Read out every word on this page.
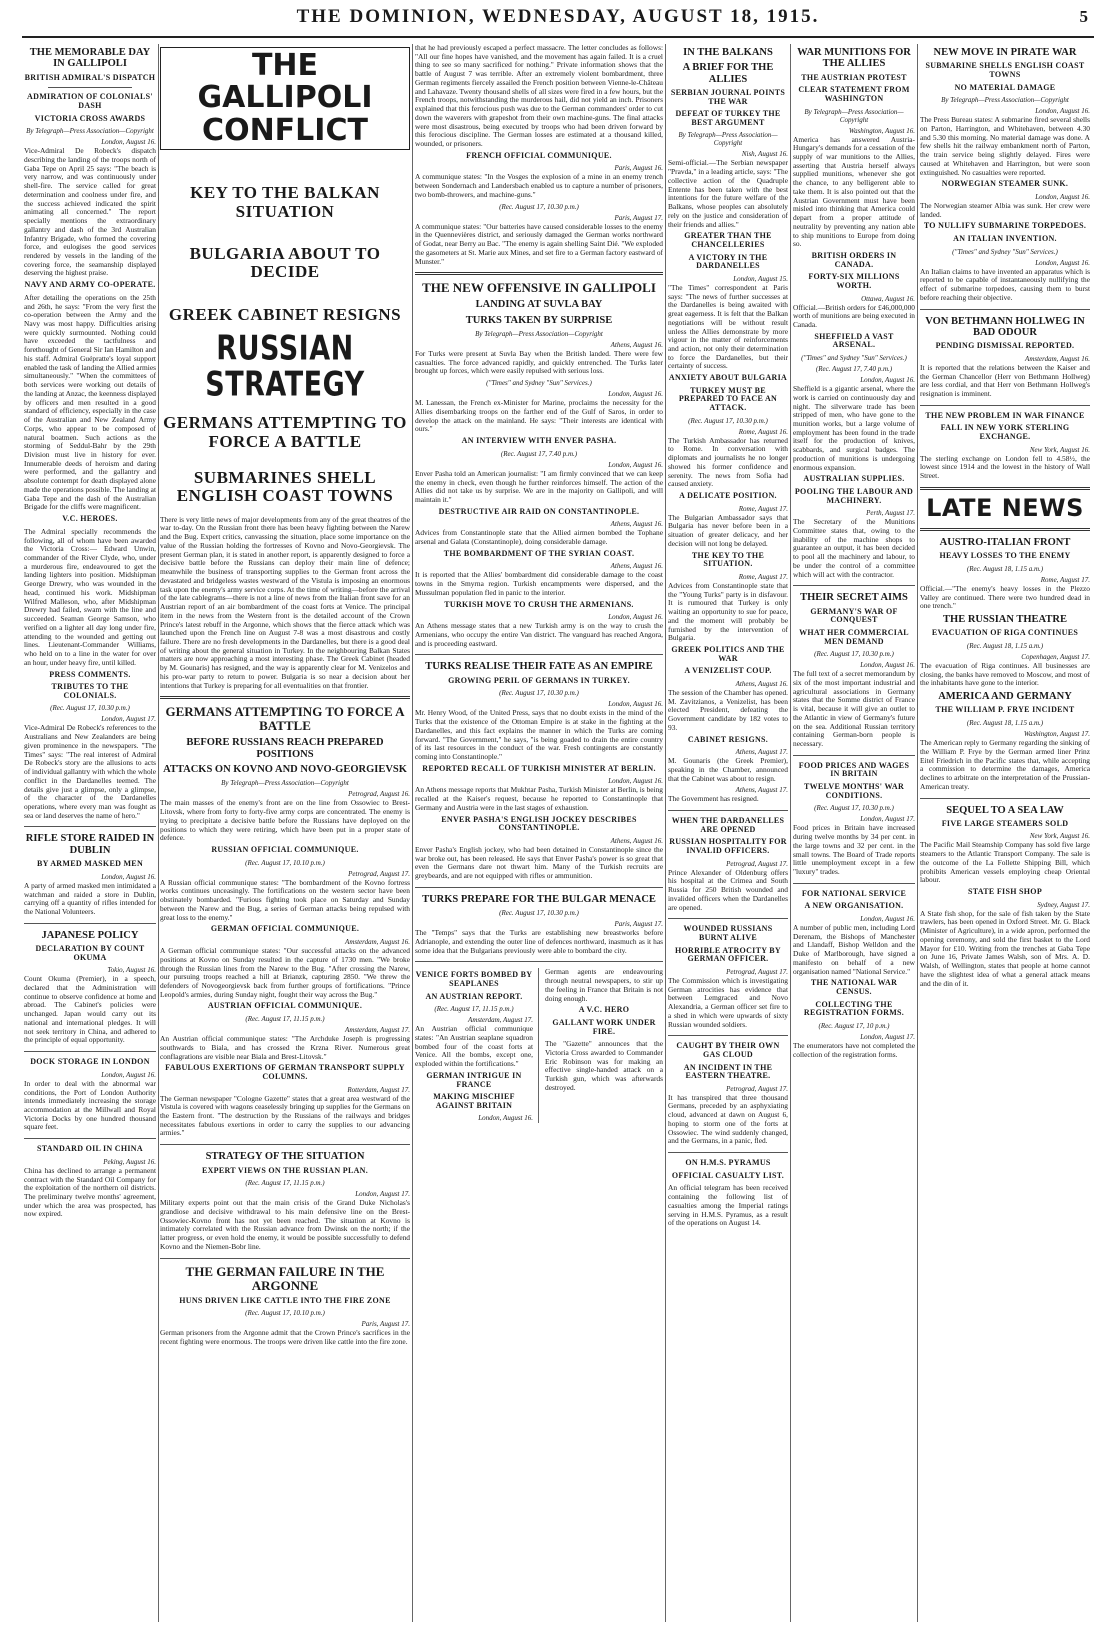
THE DOMINION, WEDNESDAY, AUGUST 18, 1915.	5
THE MEMORABLE DAY IN GALLIPOLI
BRITISH ADMIRAL'S DISPATCH
ADMIRATION OF COLONIALS' DASH
VICTORIA CROSS AWARDS
By Telegraph—Press Association—Copyright
London, August 16.

Vice-Admiral De Robeck's dispatch describing the landing of the troops north of Gaba Tepe on April 25 says: "The beach is very narrow, and was continuously under shell-fire. The service called for great determination and coolness under fire, and the success achieved indicated the spirit animating all concerned." The report specially mentions the extraordinary gallantry and dash of the 3rd Australian Infantry Brigade, who formed the covering force, and eulogises the good services rendered by vessels in the landing of the covering force, the seamanship displayed deserving the highest praise.

NAVY AND ARMY CO-OPERATE.

After detailing the operations on the 25th and 26th, he says: "From the very first the co-operation between the Army and the Navy was most happy. Difficulties arising were quickly surmounted. Nothing could have exceeded the tactfulness and forethought of General Sir Ian Hamilton and his staff. Admiral Guépratte's loyal support enabled the task of landing the Allied armies simultaneously." "When the committees of both services were working out details of the landing at Anzac, the keenness displayed by officers and men resulted in a good standard of efficiency, especially in the case of the Australian and New Zealand Army Corps, who appear to be composed of natural boatmen. Such actions as the storming of Seddul-Bahr by the 29th Division must live in history for ever. Innumerable deeds of heroism and daring were performed, and the gallantry and absolute contempt for death displayed alone made the operations possible. The landing at Gaba Tepe and the dash of the Australian Brigade for the cliffs were magnificent.

V.C. HEROES.

The Admiral specially recommends the following, all of whom have been awarded the Victoria Cross:— Edward Unwin, commander of the River Clyde, who, under a murderous fire, endeavoured to get the landing lighters into position. Midshipman George Drewry, who was wounded in the head, continued his work. Midshipman Wilfred Malleson, who, after Midshipman Drewry had failed, swam with the line and succeeded. Seaman George Samson, who verified on a lighter all day long under fire, attending to the wounded and getting out lines. Lieutenant-Commander Williams, who held on to a line in the water for over an hour, under heavy fire, until killed.

PRESS COMMENTS.
TRIBUTES TO THE COLONIALS.
(Rec. August 17, 10.30 p.m.)
London, August 17.

Vice-Admiral De Robeck's references to the Australians and New Zealanders are being given prominence in the newspapers. "The Times" says: "The real interest of Admiral De Robeck's story are the allusions to acts of individual gallantry with which the whole conflict in the Dardanelles teemed. The details give just a glimpse, only a glimpse, of the character of the Dardanelles operations, where every man was fought as sea or land deserves the name of hero."

RIFLE STORE RAIDED IN DUBLIN
BY ARMED MASKED MEN
London, August 16.

A party of armed masked men intimidated a watchman and raided a store in Dublin, carrying off a quantity of rifles intended for the National Volunteers.

JAPANESE POLICY
DECLARATION BY COUNT OKUMA
Tokio, August 16.

Count Okuma (Premier), in a speech, declared that the Administration will continue to observe confidence at home and abroad. The Cabinet's policies were unchanged. Japan would carry out its national and international pledges. It will not seek territory in China, and adhered to the principle of equal opportunity.

DOCK STORAGE IN LONDON
London, August 16.

In order to deal with the abnormal war conditions, the Port of London Authority intends immediately increasing the storage accommodation at the Millwall and Royal Victoria Docks by one hundred thousand square feet.

STANDARD OIL IN CHINA
Peking, August 16.

China has declined to arrange a permanent contract with the Standard Oil Company for the exploitation of the northern oil districts. The preliminary twelve months' agreement, under which the area was prospected, has now expired.

THE GALLIPOLI CONFLICT
KEY TO THE BALKAN SITUATION
BULGARIA ABOUT TO DECIDE
GREEK CABINET RESIGNS
RUSSIAN STRATEGY
GERMANS ATTEMPTING TO FORCE A BATTLE
SUBMARINES SHELL ENGLISH COAST TOWNS

There is very little news of major developments from any of the great theatres of the war to-day. On the Russian front there has been heavy fighting between the Narew and the Bug. Expert critics, canvassing the situation, place some importance on the value of the Russian holding the fortresses of Kovno and Novo-Georgievsk. The present German plan, it is stated in another report, is apparently designed to force a decisive battle before the Russians can deploy their main line of defence; meanwhile the business of transporting supplies to the German front across the devastated and bridgeless wastes westward of the Vistula is imposing an enormous task upon the enemy's army service corps. At the time of writing—before the arrival of the late cablegrams—there is not a line of news from the Italian front save for an Austrian report of an air bombardment of the coast forts at Venice. The principal item in the news from the Western front is the detailed account of the Crown Prince's latest rebuff in the Argonne, which shows that the fierce attack which was launched upon the French line on August 7-8 was a most disastrous and costly failure. There are no fresh developments in the Dardanelles, but there is a good deal of writing about the general situation in Turkey. In the neighbouring Balkan States matters are now approaching a most interesting phase. The Greek Cabinet (headed by M. Gounaris) has resigned, and the way is apparently clear for M. Venizelos and his pro-war party to return to power. Bulgaria is so near a decision about her intentions that Turkey is preparing for all eventualities on that frontier.

GERMANS ATTEMPTING TO FORCE A BATTLE
BEFORE RUSSIANS REACH PREPARED POSITIONS
ATTACKS ON KOVNO AND NOVO-GEORGIEVSK
By Telegraph—Press Association—Copyright
Petrograd, August 16.

The main masses of the enemy's front are on the line from Ossowiec to Brest-Litovsk, where from forty to forty-five army corps are concentrated. The enemy is trying to precipitate a decisive battle before the Russians have deployed on the positions to which they were retiring, which have been put in a proper state of defence.

RUSSIAN OFFICIAL COMMUNIQUE.
(Rec. August 17, 10.10 p.m.)
Petrograd, August 17.

A Russian official communique states: "The bombardment of the Kovno fortress works continues unceasingly. The fortifications on the western sector have been obstinately bombarded. "Furious fighting took place on Saturday and Sunday between the Narew and the Bug, a series of German attacks being repulsed with great loss to the enemy."

GERMAN OFFICIAL COMMUNIQUE.
Amsterdam, August 16.

A German official communique states: "Our successful attacks on the advanced positions at Kovno on Sunday resulted in the capture of 1730 men. "We broke through the Russian lines from the Narew to the Bug. "After crossing the Narew, our pursuing troops reached a hill at Brianzk, capturing 2850. "We threw the defenders of Novogeorgievsk back from further groups of fortifications. "Prince Leopold's armies, during Sunday night, fought their way across the Bug."

AUSTRIAN OFFICIAL COMMUNIQUE.
(Rec. August 17, 11.15 p.m.)
Amsterdam, August 17.

An Austrian official communique states: "The Archduke Joseph is progressing southwards to Biala, and has crossed the Krzna River. Numerous great conflagrations are visible near Biala and Brest-Litovsk."

FABULOUS EXERTIONS OF GERMAN TRANSPORT SUPPLY COLUMNS.
Rotterdam, August 17.

The German newspaper "Cologne Gazette" states that a great area westward of the Vistula is covered with wagons ceaselessly bringing up supplies for the Germans on the Eastern front. "The destruction by the Russians of the railways and bridges necessitates fabulous exertions in order to carry the supplies to our advancing armies."

STRATEGY OF THE SITUATION
EXPERT VIEWS ON THE RUSSIAN PLAN.
(Rec. August 17, 11.15 p.m.)
London, August 17.

Military experts point out that the main crisis of the Grand Duke Nicholas's grandiose and decisive withdrawal to his main defensive line on the Brest-Ossowiec-Kovno front has not yet been reached. The situation at Kovno is intimately correlated with the Russian advance from Dwinsk on the north; if the latter progress, or even hold the enemy, it would be possible successfully to defend Kovno and the Niemen-Bobr line.

THE GERMAN FAILURE IN THE ARGONNE
HUNS DRIVEN LIKE CATTLE INTO THE FIRE ZONE
(Rec. August 17, 10.10 p.m.)
Paris, August 17.

German prisoners from the Argonne admit that the Crown Prince's sacrifices in the recent fighting were enormous. The troops were driven like cattle into the fire zone.

that he had previously escaped a perfect massacre. The letter concludes as follows: "All our fine hopes have vanished, and the movement has again failed. It is a cruel thing to see so many sacrificed for nothing." Private information shows that the battle of August 7 was terrible. After an extremely violent bombardment, three German regiments fiercely assailed the French position between Vienne-le-Château and Lahavaze. Twenty thousand shells of all sizes were fired in a few hours, but the French troops, notwithstanding the murderous hail, did not yield an inch. Prisoners explained that this ferocious push was due to the German commanders' order to cut down the waverers with grapeshot from their own machine-guns. The final attacks were most disastrous, being executed by troops who had been driven forward by this ferocious discipline. The German losses are estimated at a thousand killed, wounded, or prisoners.

FRENCH OFFICIAL COMMUNIQUE.
Paris, August 16.

A communique states: "In the Vosges the explosion of a mine in an enemy trench between Sondernach and Landersbach enabled us to capture a number of prisoners, two bomb-throwers, and machine-guns."

(Rec. August 17, 10.30 p.m.)
Paris, August 17.

A communique states: "Our batteries have caused considerable losses to the enemy in the Quennevières district, and seriously damaged the German works northward of Godat, near Berry au Bac. "The enemy is again shelling Saint Dié. "We exploded the gasometers at St. Marie aux Mines, and set fire to a German factory eastward of Munster."

THE NEW OFFENSIVE IN GALLIPOLI
LANDING AT SUVLA BAY
TURKS TAKEN BY SURPRISE
By Telegraph—Press Association—Copyright
Athens, August 16.

For Turks were present at Suvla Bay when the British landed. There were few casualties. The force advanced rapidly, and quickly entrenched. The Turks later brought up forces, which were easily repulsed with serious loss.

("Times" and Sydney "Sun" Services.)
London, August 16.

M. Lanessan, the French ex-Minister for Marine, proclaims the necessity for the Allies disembarking troops on the farther end of the Gulf of Saros, in order to develop the attack on the mainland. He says: "Their interests are identical with ours."

AN INTERVIEW WITH ENVER PASHA.
(Rec. August 17, 7.40 p.m.)
London, August 16.

Enver Pasha told an American journalist: "I am firmly convinced that we can keep the enemy in check, even though he further reinforces himself. The action of the Allies did not take us by surprise. We are in the majority on Gallipoli, and will maintain it."

DESTRUCTIVE AIR RAID ON CONSTANTINOPLE.
Athens, August 16.

Advices from Constantinople state that the Allied airmen bombed the Tophane arsenal and Galata (Constantinople), doing considerable damage.

THE BOMBARDMENT OF THE SYRIAN COAST.
Athens, August 16.

It is reported that the Allies' bombardment did considerable damage to the coast towns in the Smyrna region. Turkish encampments were dispersed, and the Mussulman population fled in panic to the interior.

TURKISH MOVE TO CRUSH THE ARMENIANS.
London, August 16.

An Athens message states that a new Turkish army is on the way to crush the Armenians, who occupy the entire Van district. The vanguard has reached Angora, and is proceeding eastward.

TURKS REALISE THEIR FATE AS AN EMPIRE
GROWING PERIL OF GERMANS IN TURKEY.
(Rec. August 17, 10.30 p.m.)
London, August 16.

Mr. Henry Wood, of the United Press, says that no doubt exists in the mind of the Turks that the existence of the Ottoman Empire is at stake in the fighting at the Dardanelles, and this fact explains the manner in which the Turks are coming forward. "The Government," he says, "is being goaded to drain the entire country of its last resources in the conduct of the war. Fresh contingents are constantly coming into Constantinople."

REPORTED RECALL OF TURKISH MINISTER AT BERLIN.
London, August 16.

An Athens message reports that Mukhtar Pasha, Turkish Minister at Berlin, is being recalled at the Kaiser's request, because he reported to Constantinople that Germany and Austria were in the last stages of exhaustion.

ENVER PASHA'S ENGLISH JOCKEY DESCRIBES CONSTANTINOPLE.
Athens, August 16.

Enver Pasha's English jockey, who had been detained in Constantinople since the war broke out, has been released. He says that Enver Pasha's power is so great that even the Germans dare not thwart him. Many of the Turkish recruits are greybeards, and are not equipped with rifles or ammunition.

TURKS PREPARE FOR THE BULGAR MENACE
(Rec. August 17, 10.30 p.m.)
Paris, August 17.

The "Temps" says that the Turks are establishing new breastworks before Adrianople, and extending the outer line of defences northward, inasmuch as it has some idea that the Bulgarians previously were able to bombard the city.

VENICE FORTS BOMBED BY SEAPLANES
AN AUSTRIAN REPORT.
(Rec. August 17, 11.15 p.m.)
Amsterdam, August 17.

An Austrian official communique states: "An Austrian seaplane squadron bombed four of the coast forts at Venice. All the bombs, except one, exploded within the fortifications."

GERMAN INTRIGUE IN FRANCE
MAKING MISCHIEF AGAINST BRITAIN
London, August 16.

German agents are endeavouring through neutral newspapers, to stir up the feeling in France that Britain is not doing enough.

A V.C. HERO
GALLANT WORK UNDER FIRE.

The "Gazette" announces that the Victoria Cross awarded to Commander Eric Robinson was for making an effective single-handed attack on a Turkish gun, which was afterwards destroyed.

IN THE BALKANS
A BRIEF FOR THE ALLIES
SERBIAN JOURNAL POINTS THE WAR
DEFEAT OF TURKEY THE BEST ARGUMENT
By Telegraph—Press Association—Copyright
Nish, August 16.

Semi-official.—The Serbian newspaper "Pravda," in a leading article, says: "The collective action of the Quadruple Entente has been taken with the best intentions for the future welfare of the Balkans, whose peoples can absolutely rely on the justice and consideration of their friends and allies."

GREATER THAN THE CHANCELLERIES
A VICTORY IN THE DARDANELLES
London, August 15.

"The Times" correspondent at Paris says: "The news of further successes at the Dardanelles is being awaited with great eagerness. It is felt that the Balkan negotiations will be without result unless the Allies demonstrate by more vigour in the matter of reinforcements and action, not only their determination to force the Dardanelles, but their certainty of success.

ANXIETY ABOUT BULGARIA
TURKEY MUST BE PREPARED TO FACE AN ATTACK.
(Rec. August 17, 10.30 p.m.)
Rome, August 16.

The Turkish Ambassador has returned to Rome. In conversation with diplomats and journalists he no longer showed his former confidence and serenity. The news from Sofia had caused anxiety.

A DELICATE POSITION.
Rome, August 17.

The Bulgarian Ambassador says that Bulgaria has never before been in a situation of greater delicacy, and her decision will not long be delayed.

THE KEY TO THE SITUATION.
Rome, August 17.

Advices from Constantinople state that the "Young Turks" party is in disfavour. It is rumoured that Turkey is only waiting an opportunity to sue for peace, and the moment will probably be furnished by the intervention of Bulgaria.

GREEK POLITICS AND THE WAR
A VENIZELIST COUP.
Athens, August 16.

The session of the Chamber has opened. M. Zavitzianos, a Venizelist, has been elected President, defeating the Government candidate by 182 votes to 93.

CABINET RESIGNS.
Athens, August 17.

M. Gounaris (the Greek Premier), speaking in the Chamber, announced that the Cabinet was about to resign.

Athens, August 17.

The Government has resigned.

WHEN THE DARDANELLES ARE OPENED
RUSSIAN HOSPITALITY FOR INVALID OFFICERS.
Petrograd, August 17.

Prince Alexander of Oldenburg offers his hospital at the Crimea and South Russia for 250 British wounded and invalided officers when the Dardanelles are opened.

WOUNDED RUSSIANS BURNT ALIVE
HORRIBLE ATROCITY BY GERMAN OFFICER.
Petrograd, August 17.

The Commission which is investigating German atrocities has evidence that between Lemgraced and Novo Alexandria, a German officer set fire to a shed in which were upwards of sixty Russian wounded soldiers.

CAUGHT BY THEIR OWN GAS CLOUD
AN INCIDENT IN THE EASTERN THEATRE.
Petrograd, August 17.

It has transpired that three thousand Germans, preceded by an asphyxiating cloud, advanced at dawn on August 6, hoping to storm one of the forts at Ossowiec. The wind suddenly changed, and the Germans, in a panic, fled.

ON H.M.S. PYRAMUS
OFFICIAL CASUALTY LIST.

An official telegram has been received containing the following list of casualties among the Imperial ratings serving in H.M.S. Pyramus, as a result of the operations on August 14.

WAR MUNITIONS FOR THE ALLIES
THE AUSTRIAN PROTEST
CLEAR STATEMENT FROM WASHINGTON
By Telegraph—Press Association—Copyright
Washington, August 16.

America has answered Austria-Hungary's demands for a cessation of the supply of war munitions to the Allies, asserting that Austria herself always supplied munitions, whenever she got the chance, to any belligerent able to take them. It is also pointed out that the Austrian Government must have been misled into thinking that America could depart from a proper attitude of neutrality by preventing any nation able to ship munitions to Europe from doing so.

BRITISH ORDERS IN CANADA.
FORTY-SIX MILLIONS WORTH.
Ottawa, August 16.

Official.—British orders for £46,000,000 worth of munitions are being executed in Canada.

SHEFFIELD A VAST ARSENAL.
("Times" and Sydney "Sun" Services.)
(Rec. August 17, 7.40 p.m.)
London, August 16.

Sheffield is a gigantic arsenal, where the work is carried on continuously day and night. The silverware trade has been stripped of men, who have gone to the munition works, but a large volume of employment has been found in the trade itself for the production of knives, scabbards, and surgical badges. The production of munitions is undergoing enormous expansion.

AUSTRALIAN SUPPLIES.
POOLING THE LABOUR AND MACHINERY.
Perth, August 17.

The Secretary of the Munitions Committee states that, owing to the inability of the machine shops to guarantee an output, it has been decided to pool all the machinery and labour, to be under the control of a committee which will act with the contractor.

THEIR SECRET AIMS
GERMANY'S WAR OF CONQUEST
WHAT HER COMMERCIAL MEN DEMAND
(Rec. August 17, 10.30 p.m.)
London, August 16.

The full text of a secret memorandum by six of the most important industrial and agricultural associations in Germany states that the Somme district of France is vital, because it will give an outlet to the Atlantic in view of Germany's future on the sea. Additional Russian territory containing German-born people is necessary.

FOOD PRICES AND WAGES IN BRITAIN
TWELVE MONTHS' WAR CONDITIONS.
(Rec. August 17, 10.30 p.m.)
London, August 17.

Food prices in Britain have increased during twelve months by 34 per cent. in the large towns and 32 per cent. in the small towns. The Board of Trade reports little unemployment except in a few "luxury" trades.

FOR NATIONAL SERVICE
A NEW ORGANISATION.
London, August 16.

A number of public men, including Lord Derenam, the Bishops of Manchester and Llandaff, Bishop Welldon and the Duke of Marlborough, have signed a manifesto on behalf of a new organisation named "National Service."

THE NATIONAL WAR CENSUS.
COLLECTING THE REGISTRATION FORMS.
(Rec. August 17, 10 p.m.)
London, August 17.

The enumerators have not completed the collection of the registration forms.

NEW MOVE IN PIRATE WAR
SUBMARINE SHELLS ENGLISH COAST TOWNS
NO MATERIAL DAMAGE
By Telegraph—Press Association—Copyright
London, August 16.

The Press Bureau states: A submarine fired several shells on Parton, Harrington, and Whitehaven, between 4.30 and 5.30 this morning. No material damage was done. A few shells hit the railway embankment north of Parton, the train service being slightly delayed. Fires were caused at Whitehaven and Harrington, but were soon extinguished. No casualties were reported.

NORWEGIAN STEAMER SUNK.
London, August 16.

The Norwegian steamer Albia was sunk. Her crew were landed.

TO NULLIFY SUBMARINE TORPEDOES.
AN ITALIAN INVENTION.
("Times" and Sydney "Sun" Services.)
London, August 16.

An Italian claims to have invented an apparatus which is reported to be capable of instantaneously nullifying the effect of submarine torpedoes, causing them to burst before reaching their objective.

VON BETHMANN HOLLWEG IN BAD ODOUR
PENDING DISMISSAL REPORTED.
Amsterdam, August 16.

It is reported that the relations between the Kaiser and the German Chancellor (Herr von Bethmann Hollweg) are less cordial, and that Herr von Bethmann Hollweg's resignation is imminent.

THE NEW PROBLEM IN WAR FINANCE
FALL IN NEW YORK STERLING EXCHANGE.
New York, August 16.

The sterling exchange on London fell to 4.58½, the lowest since 1914 and the lowest in the history of Wall Street.

LATE NEWS
AUSTRO-ITALIAN FRONT
HEAVY LOSSES TO THE ENEMY
(Rec. August 18, 1.15 a.m.)
Rome, August 17.

Official.—"The enemy's heavy losses in the Plezzo Valley are continued. There were two hundred dead in one trench."

THE RUSSIAN THEATRE
EVACUATION OF RIGA CONTINUES
(Rec. August 18, 1.15 a.m.)
Copenhagen, August 17.

The evacuation of Riga continues. All businesses are closing, the banks have removed to Moscow, and most of the inhabitants have gone to the interior.

AMERICA AND GERMANY
THE WILLIAM P. FRYE INCIDENT
(Rec. August 18, 1.15 a.m.)
Washington, August 17.

The American reply to Germany regarding the sinking of the William P. Frye by the German armed liner Prinz Eitel Friedrich in the Pacific states that, while accepting a commission to determine the damages, America declines to arbitrate on the interpretation of the Prussian-American treaty.

SEQUEL TO A SEA LAW
FIVE LARGE STEAMERS SOLD
New York, August 16.

The Pacific Mail Steamship Company has sold five large steamers to the Atlantic Transport Company. The sale is the outcome of the La Follette Shipping Bill, which prohibits American vessels employing cheap Oriental labour.

STATE FISH SHOP
Sydney, August 17.

A State fish shop, for the sale of fish taken by the State trawlers, has been opened in Oxford Street. Mr. G. Black (Minister of Agriculture), in a wide apron, performed the opening ceremony, and sold the first basket to the Lord Mayor for £10. Writing from the trenches at Gaba Tepe on June 16, Private James Walsh, son of Mrs. A. D. Walsh, of Wellington, states that people at home cannot have the slightest idea of what a general attack means and the din of it.
